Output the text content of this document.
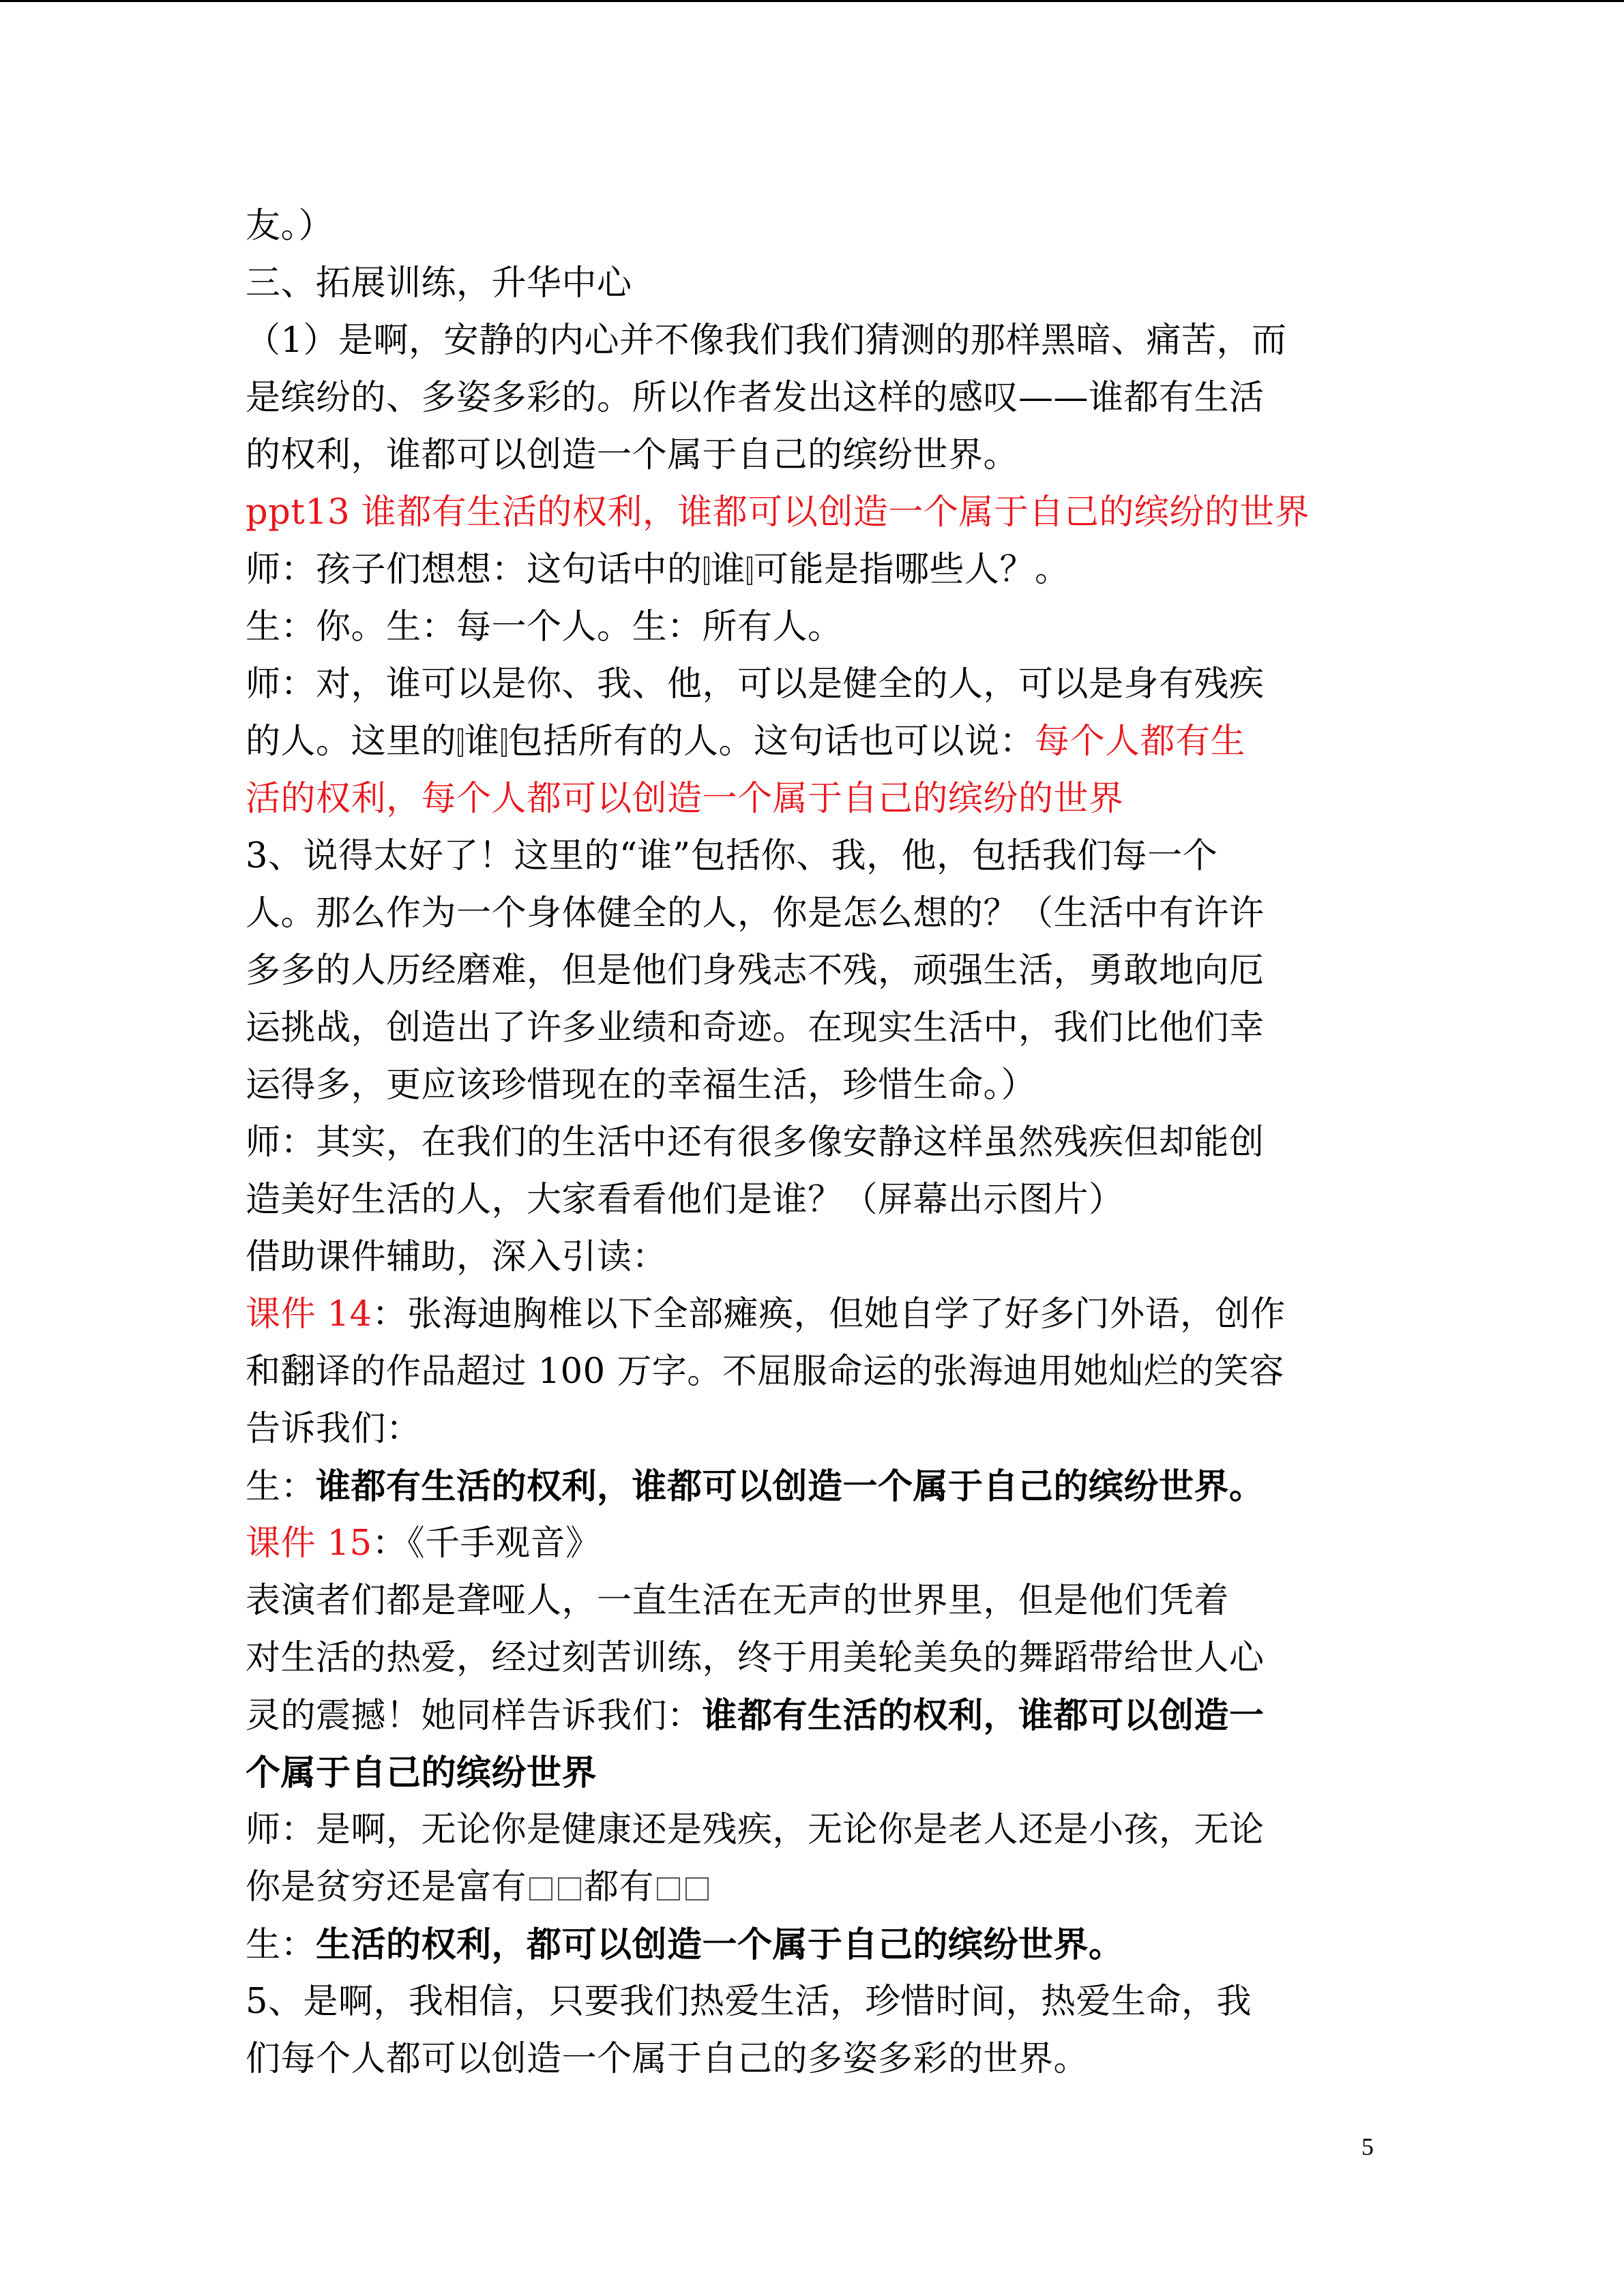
友。）
三、拓展训练，升华中心
（1）是啊，安静的内心并不像我们我们猜测的那样黑暗、痛苦，而
是缤纷的、多姿多彩的。所以作者发出这样的感叹——谁都有生活
的权利，谁都可以创造一个属于自己的缤纷世界。
ppt13 谁都有生活的权利，谁都可以创造一个属于自己的缤纷的世界
师：孩子们想想：这句话中的 谁 可能是指哪些人？。
生：你。生：每一个人。生：所有人。
师：对，谁可以是你、我、他，可以是健全的人，可以是身有残疾
的人。这里的 谁 包括所有的人。这句话也可以说：每个人都有生
活的权利，每个人都可以创造一个属于自己的缤纷的世界
3、说得太好了！这里的“谁”包括你、我，他，包括我们每一个
人。那么作为一个身体健全的人，你是怎么想的？（生活中有许许
多多的人历经磨难，但是他们身残志不残，顽强生活，勇敢地向厄
运挑战，创造出了许多业绩和奇迹。在现实生活中，我们比他们幸
运得多，更应该珍惜现在的幸福生活，珍惜生命。）
师：其实，在我们的生活中还有很多像安静这样虽然残疾但却能创
造美好生活的人，大家看看他们是谁？（屏幕出示图片）
借助课件辅助，深入引读：
课件 14：张海迪胸椎以下全部瘫痪，但她自学了好多门外语，创作
和翻译的作品超过 100 万字。不屈服命运的张海迪用她灿烂的笑容
告诉我们：
生：谁都有生活的权利，谁都可以创造一个属于自己的缤纷世界。
课件 15：《千手观音》
表演者们都是聋哑人，一直生活在无声的世界里，但是他们凭着
对生活的热爱，经过刻苦训练，终于用美轮美奂的舞蹈带给世人心
灵的震撼！她同样告诉我们：谁都有生活的权利，谁都可以创造一
个属于自己的缤纷世界
师：是啊，无论你是健康还是残疾，无论你是老人还是小孩，无论
你是贫穷还是富有 都有
生：生活的权利，都可以创造一个属于自己的缤纷世界。
5、是啊，我相信，只要我们热爱生活，珍惜时间，热爱生命，我
们每个人都可以创造一个属于自己的多姿多彩的世界。
5
